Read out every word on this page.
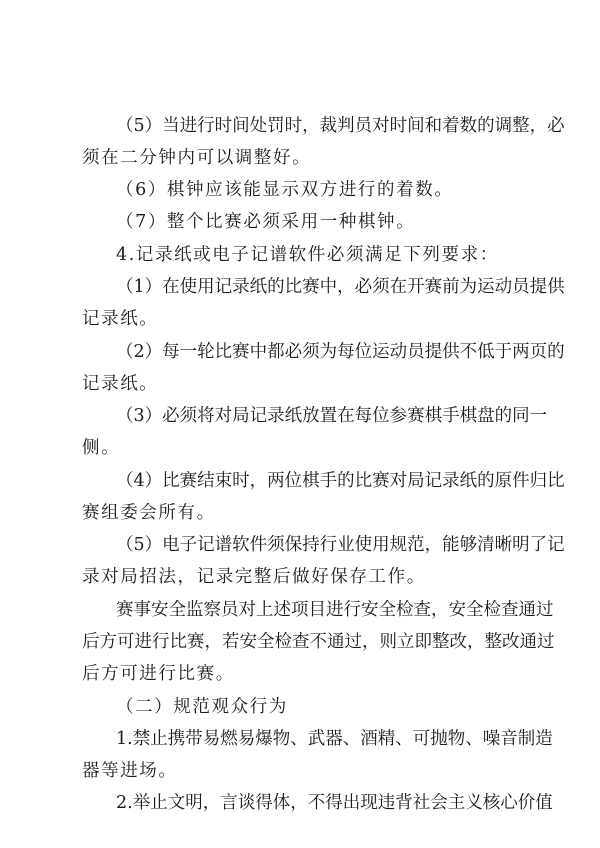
（5）当进行时间处罚时，裁判员对时间和着数的调整，必
须在二分钟内可以调整好。
（6）棋钟应该能显示双方进行的着数。
（7）整个比赛必须采用一种棋钟。
4.记录纸或电子记谱软件必须满足下列要求：
（1）在使用记录纸的比赛中，必须在开赛前为运动员提供
记录纸。
（2）每一轮比赛中都必须为每位运动员提供不低于两页的
记录纸。
（3）必须将对局记录纸放置在每位参赛棋手棋盘的同一
侧。
（4）比赛结束时，两位棋手的比赛对局记录纸的原件归比
赛组委会所有。
（5）电子记谱软件须保持行业使用规范，能够清晰明了记
录对局招法，记录完整后做好保存工作。
赛事安全监察员对上述项目进行安全检查，安全检查通过
后方可进行比赛，若安全检查不通过，则立即整改，整改通过
后方可进行比赛。
（二）规范观众行为
1.禁止携带易燃易爆物、武器、酒精、可抛物、噪音制造
器等进场。
2.举止文明，言谈得体，不得出现违背社会主义核心价值
